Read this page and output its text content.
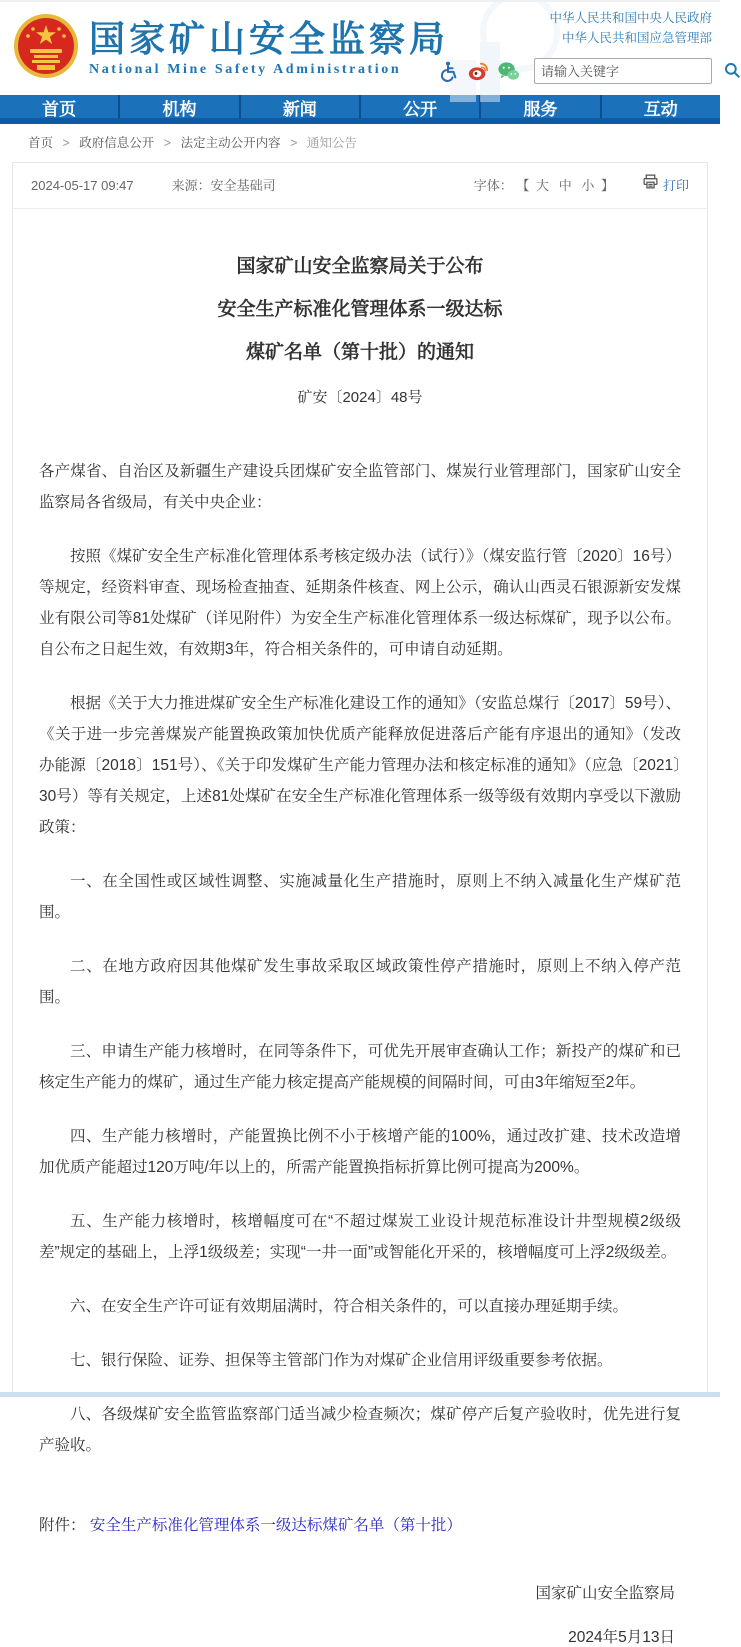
国家矿山安全监察局
National Mine Safety Administration
中华人民共和国中央人民政府
中华人民共和国应急管理部
请输入关键字
首页	机构	新闻	公开	服务	互动
首页 > 政府信息公开 > 法定主动公开内容 > 通知公告
2024-05-17 09:47	来源：安全基础司	字体： 【 大 中 小 】	打印

国家矿山安全监察局关于公布

安全生产标准化管理体系一级达标

煤矿名单（第十批）的通知

矿安〔2024〕48号

各产煤省、自治区及新疆生产建设兵团煤矿安全监管部门、煤炭行业管理部门，国家矿山安全监察局各省级局，有关中央企业：

按照《煤矿安全生产标准化管理体系考核定级办法（试行）》（煤安监行管〔2020〕16号）等规定，经资料审查、现场检查抽查、延期条件核查、网上公示，确认山西灵石银源新安发煤业有限公司等81处煤矿（详见附件）为安全生产标准化管理体系一级达标煤矿，现予以公布。自公布之日起生效，有效期3年，符合相关条件的，可申请自动延期。

根据《关于大力推进煤矿安全生产标准化建设工作的通知》（安监总煤行〔2017〕59号）、《关于进一步完善煤炭产能置换政策加快优质产能释放促进落后产能有序退出的通知》（发改办能源〔2018〕151号）、《关于印发煤矿生产能力管理办法和核定标准的通知》（应急〔2021〕30号）等有关规定，上述81处煤矿在安全生产标准化管理体系一级等级有效期内享受以下激励政策：

一、在全国性或区域性调整、实施减量化生产措施时，原则上不纳入减量化生产煤矿范围。

二、在地方政府因其他煤矿发生事故采取区域政策性停产措施时，原则上不纳入停产范围。

三、申请生产能力核增时，在同等条件下，可优先开展审查确认工作；新投产的煤矿和已核定生产能力的煤矿，通过生产能力核定提高产能规模的间隔时间，可由3年缩短至2年。

四、生产能力核增时，产能置换比例不小于核增产能的100%，通过改扩建、技术改造增加优质产能超过120万吨/年以上的，所需产能置换指标折算比例可提高为200%。

五、生产能力核增时，核增幅度可在“不超过煤炭工业设计规范标准设计井型规模2级级差”规定的基础上，上浮1级级差；实现“一井一面”或智能化开采的，核增幅度可上浮2级级差。

六、在安全生产许可证有效期届满时，符合相关条件的，可以直接办理延期手续。

七、银行保险、证券、担保等主管部门作为对煤矿企业信用评级重要参考依据。

八、各级煤矿安全监管监察部门适当减少检查频次；煤矿停产后复产验收时，优先进行复产验收。

附件： 安全生产标准化管理体系一级达标煤矿名单（第十批）
国家矿山安全监察局
2024年5月13日
